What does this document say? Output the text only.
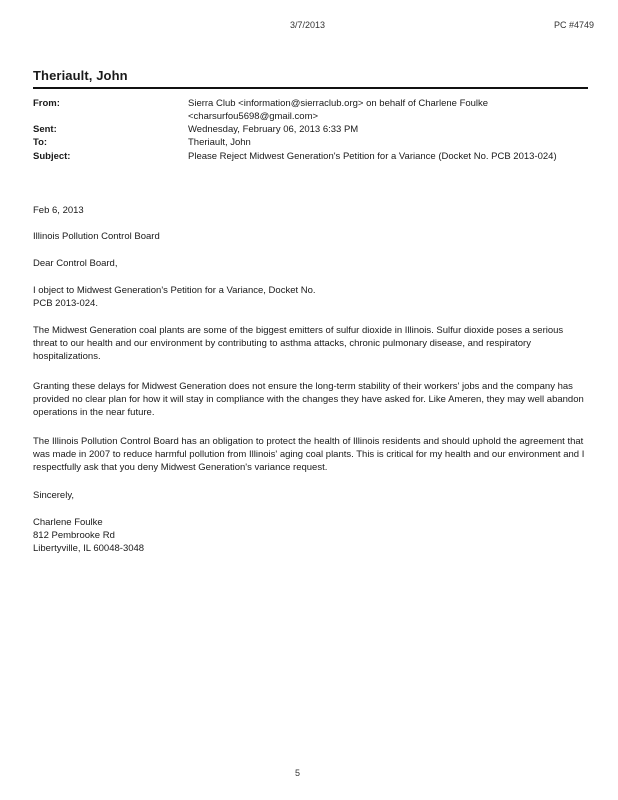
3/7/2013	PC #4749
Theriault, John
From:	Sierra Club <information@sierraclub.org> on behalf of Charlene Foulke
<charsurfou5698@gmail.com>
Sent:	Wednesday, February 06, 2013 6:33 PM
To:	Theriault, John
Subject:	Please Reject Midwest Generation's Petition for a Variance (Docket No. PCB 2013-024)
Feb 6, 2013
Illinois Pollution Control Board
Dear Control Board,
I object to Midwest Generation's Petition for a Variance, Docket No.
PCB 2013-024.
The Midwest Generation coal plants are some of the biggest emitters of sulfur dioxide in Illinois. Sulfur dioxide poses a serious threat to our health and our environment by contributing to asthma attacks, chronic pulmonary disease, and respiratory hospitalizations.
Granting these delays for Midwest Generation does not ensure the long-term stability of their workers' jobs and the company has provided no clear plan for how it will stay in compliance with the changes they have asked for. Like Ameren, they may well abandon operations in the near future.
The Illinois Pollution Control Board has an obligation to protect the health of Illinois residents and should uphold the agreement that was made in 2007 to reduce harmful pollution from Illinois' aging coal plants. This is critical for my health and our environment and I respectfully ask that you deny Midwest Generation's variance request.
Sincerely,
Charlene Foulke
812 Pembrooke Rd
Libertyville, IL 60048-3048
5
